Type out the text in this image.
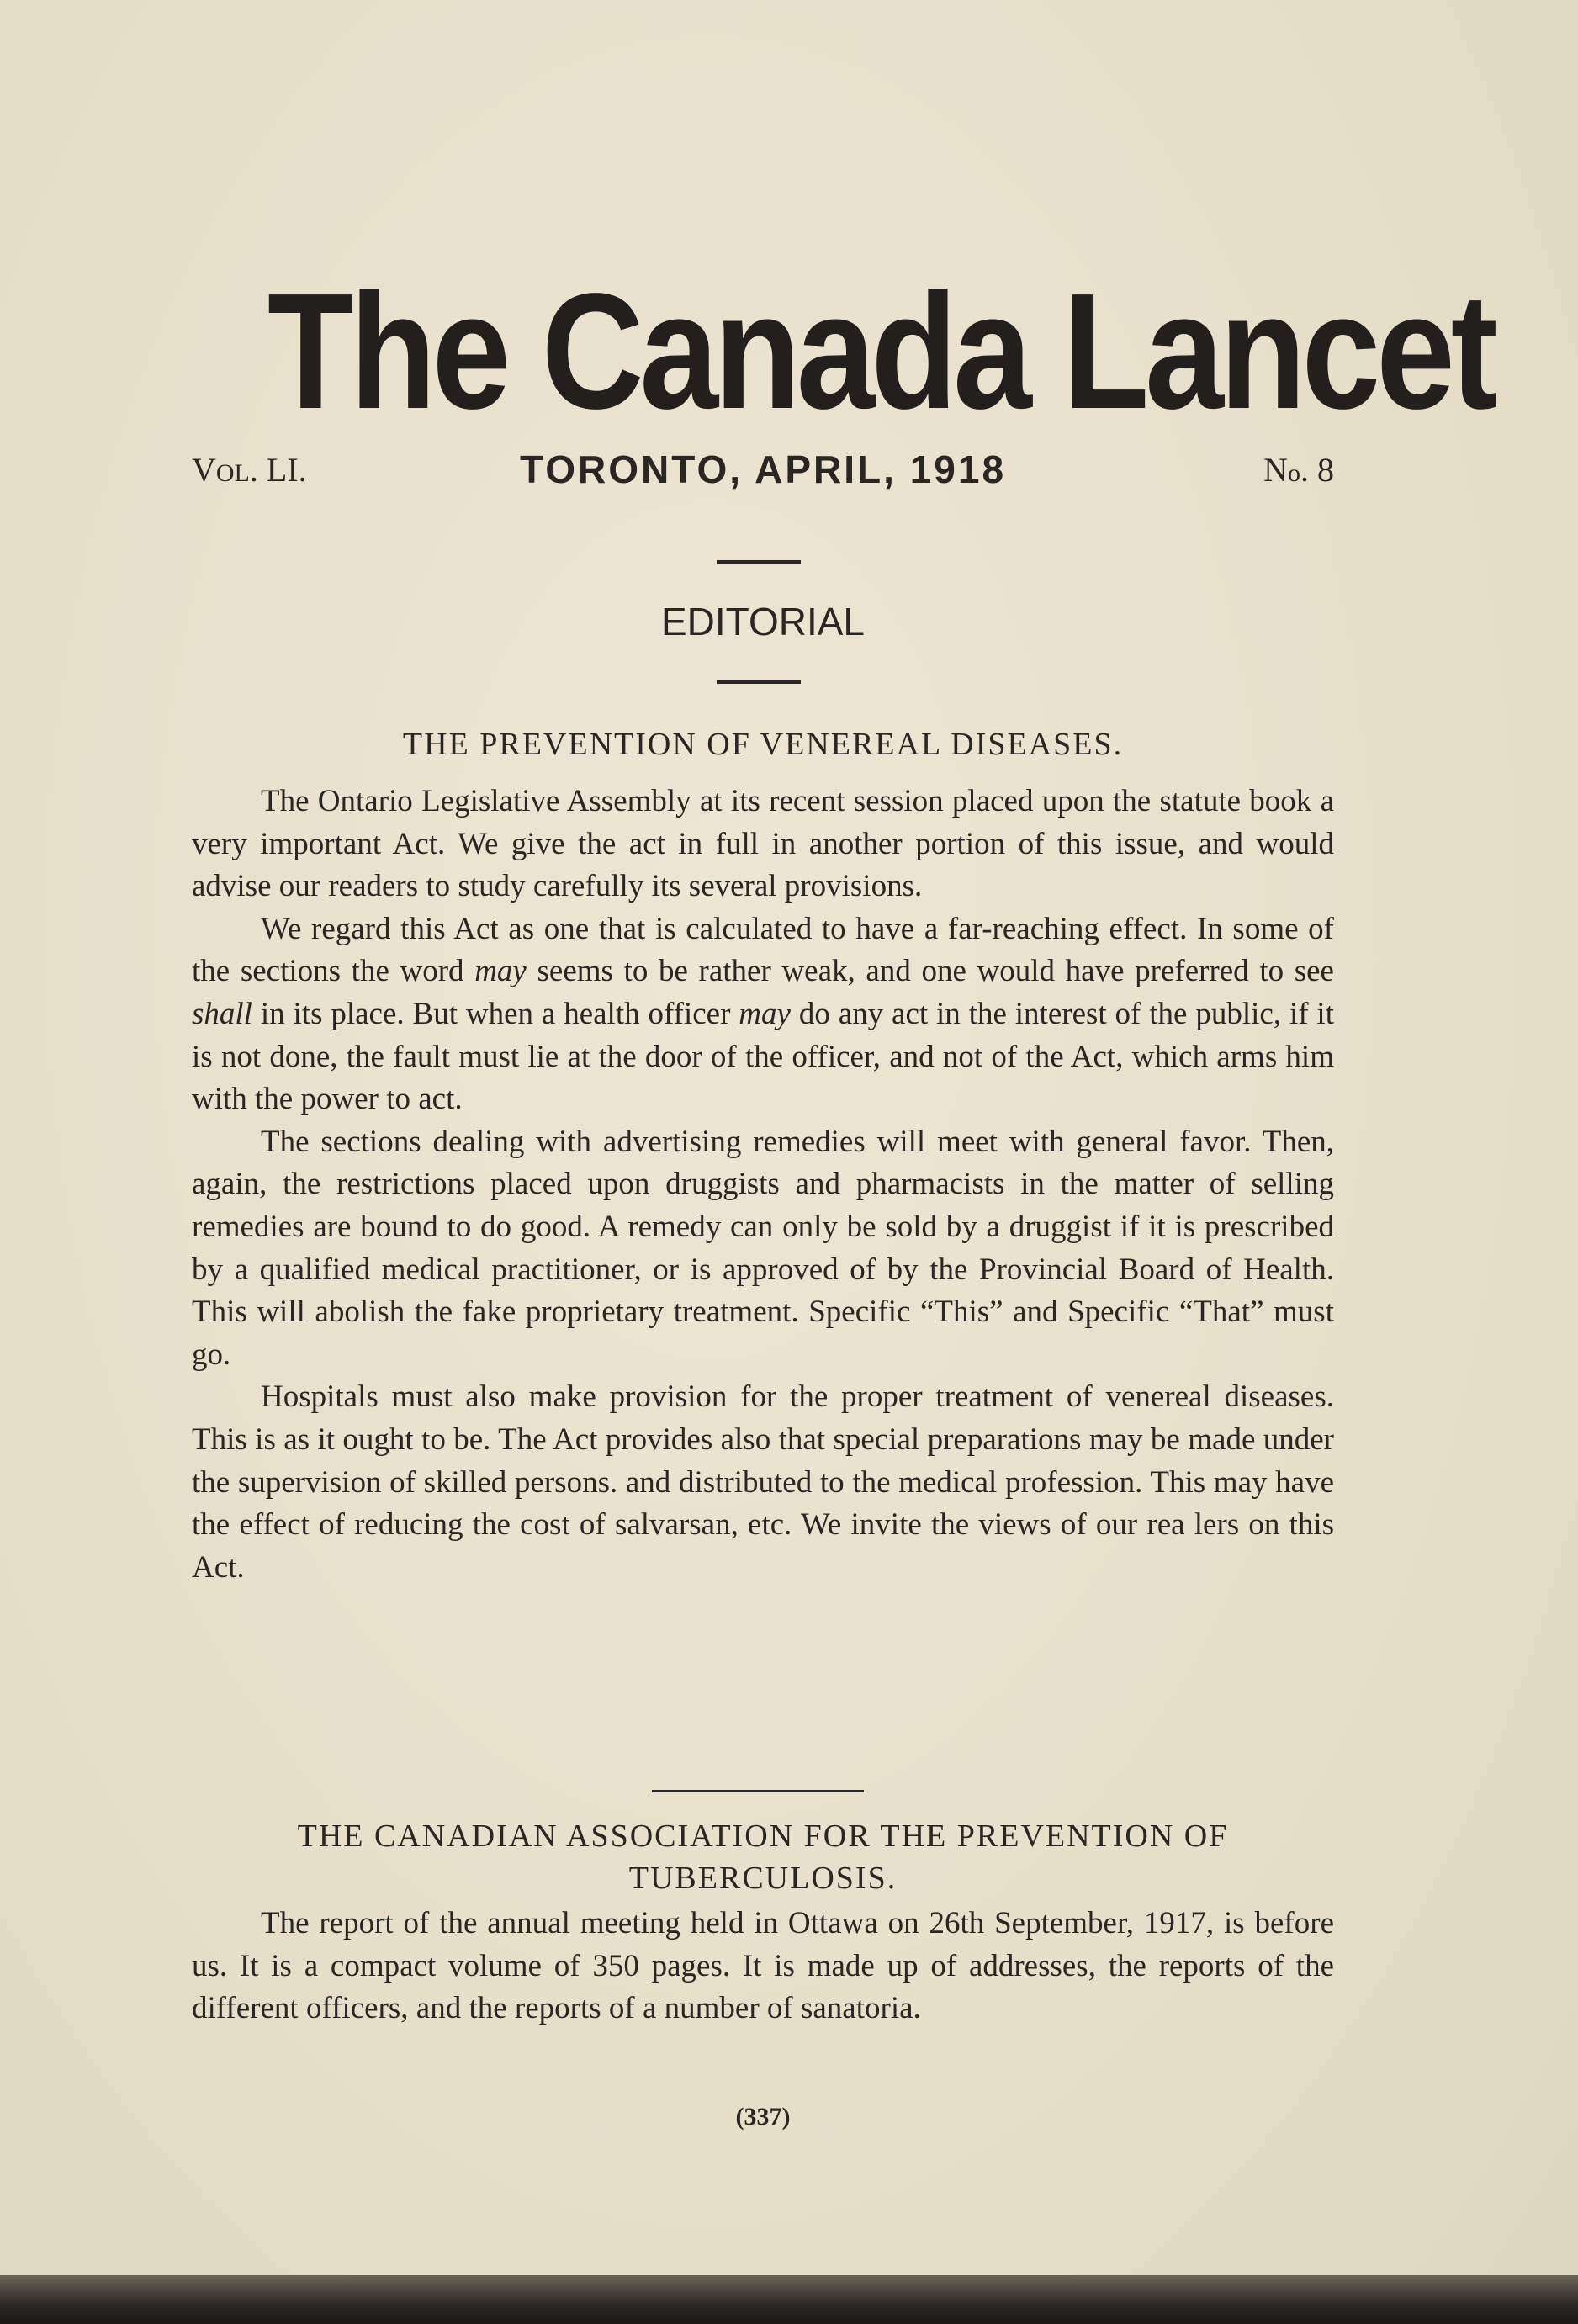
The Canada Lancet
VOL. LI.	TORONTO, APRIL, 1918	No. 8
EDITORIAL
THE PREVENTION OF VENEREAL DISEASES.

The Ontario Legislative Assembly at its recent session placed upon the statute book a very important Act. We give the act in full in another portion of this issue, and would advise our readers to study carefully its several provisions.

We regard this Act as one that is calculated to have a far-reaching effect. In some of the sections the word may seems to be rather weak, and one would have preferred to see shall in its place. But when a health officer may do any act in the interest of the public, if it is not done, the fault must lie at the door of the officer, and not of the Act, which arms him with the power to act.

The sections dealing with advertising remedies will meet with general favor. Then, again, the restrictions placed upon druggists and pharmacists in the matter of selling remedies are bound to do good. A remedy can only be sold by a druggist if it is prescribed by a qualified medical practitioner, or is approved of by the Provincial Board of Health. This will abolish the fake proprietary treatment. Specific “This” and Specific “That” must go.

Hospitals must also make provision for the proper treatment of venereal diseases. This is as it ought to be. The Act provides also that special preparations may be made under the supervision of skilled persons. and distributed to the medical profession. This may have the effect of reducing the cost of salvarsan, etc. We invite the views of our rea lers on this Act.

THE CANADIAN ASSOCIATION FOR THE PREVENTION OF
TUBERCULOSIS.

The report of the annual meeting held in Ottawa on 26th September, 1917, is before us. It is a compact volume of 350 pages. It is made up of addresses, the reports of the different officers, and the reports of a number of sanatoria.

(337)
